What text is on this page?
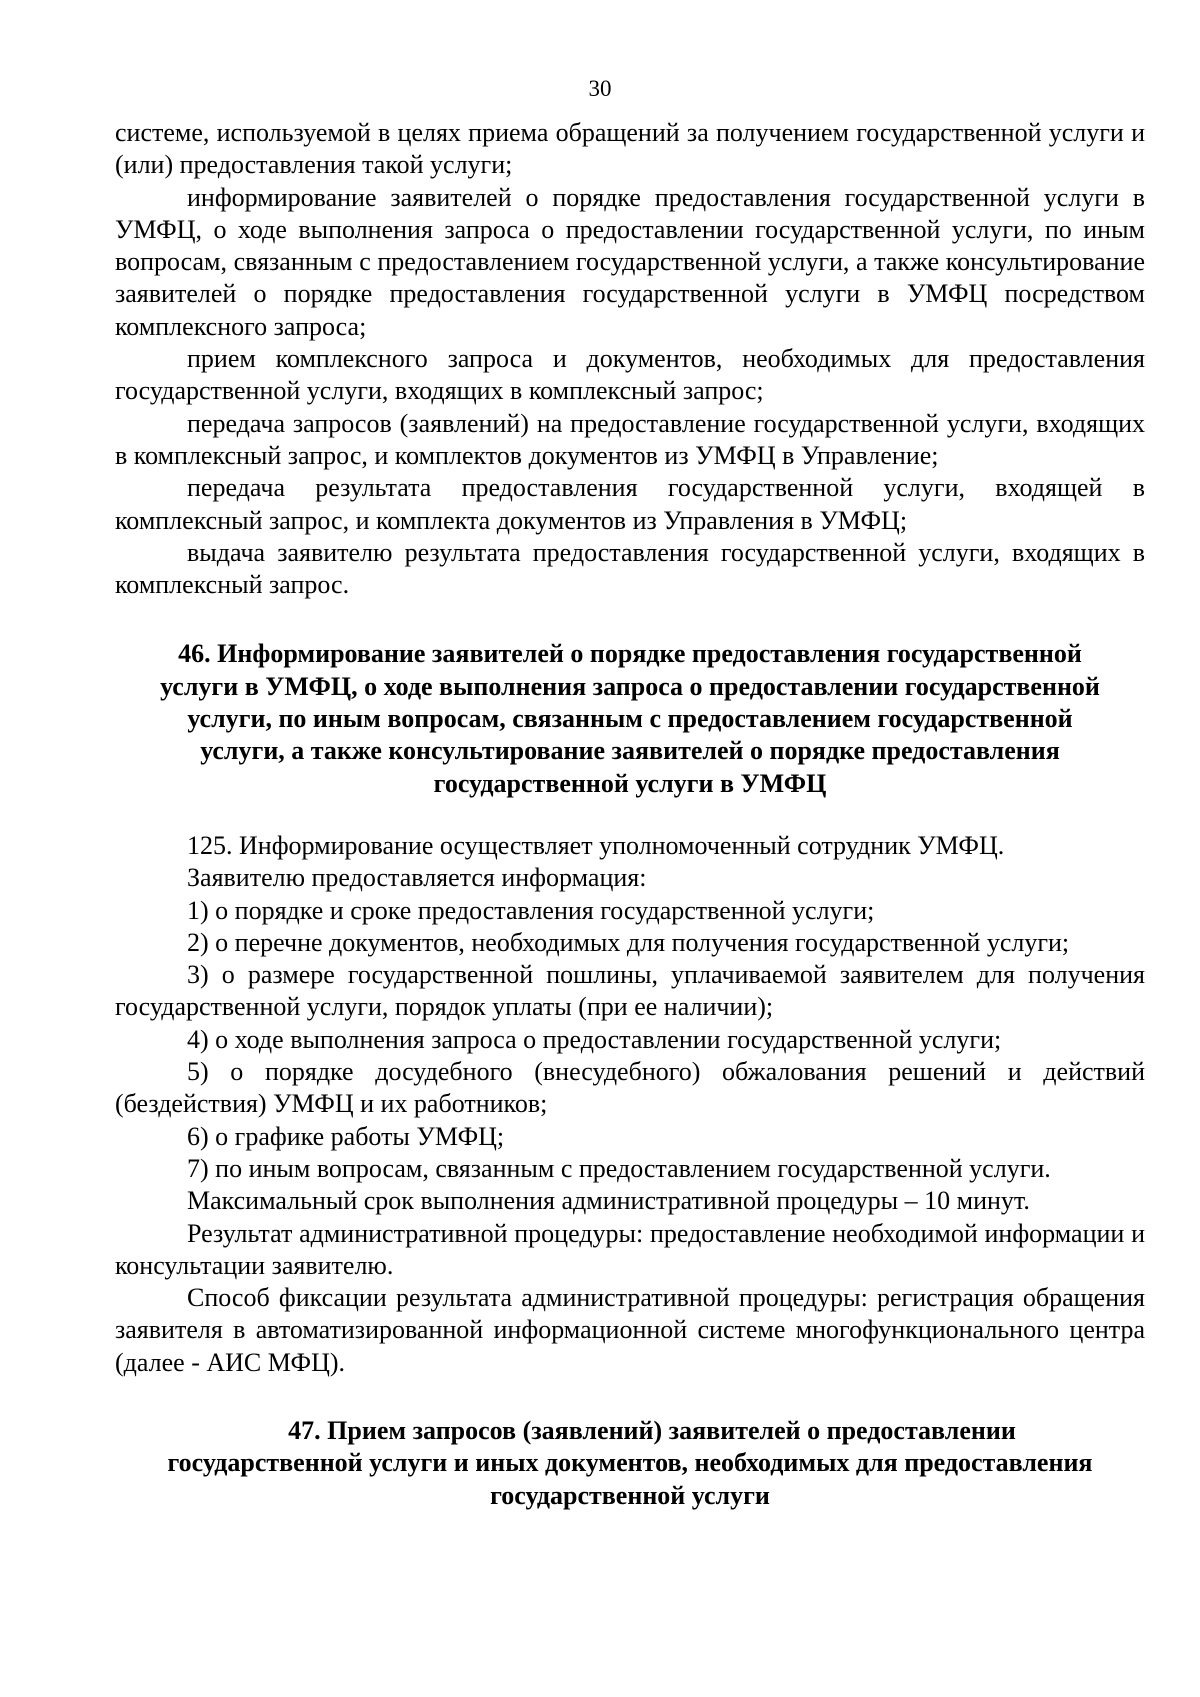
30

системе, используемой в целях приема обращений за получением государственной услуги и (или) предоставления такой услуги;

информирование заявителей о порядке предоставления государственной услуги в УМФЦ, о ходе выполнения запроса о предоставлении государственной услуги, по иным вопросам, связанным с предоставлением государственной услуги, а также консультирование заявителей о порядке предоставления государственной услуги в УМФЦ посредством комплексного запроса;

прием комплексного запроса и документов, необходимых для предоставления государственной услуги, входящих в комплексный запрос;

передача запросов (заявлений) на предоставление государственной услуги, входящих в комплексный запрос, и комплектов документов из УМФЦ в Управление;

передача результата предоставления государственной услуги, входящей в комплексный запрос, и комплекта документов из Управления в УМФЦ;

выдача заявителю результата предоставления государственной услуги, входящих в комплексный запрос.

46. Информирование заявителей о порядке предоставления государственной
услуги в УМФЦ, о ходе выполнения запроса о предоставлении государственной
услуги, по иным вопросам, связанным с предоставлением государственной
услуги, а также консультирование заявителей о порядке предоставления
государственной услуги в УМФЦ

125. Информирование осуществляет уполномоченный сотрудник УМФЦ.

Заявителю предоставляется информация:

1) о порядке и сроке предоставления государственной услуги;

2) о перечне документов, необходимых для получения государственной услуги;

3) о размере государственной пошлины, уплачиваемой заявителем для получения государственной услуги, порядок уплаты (при ее наличии);

4) о ходе выполнения запроса о предоставлении государственной услуги;

5) о порядке досудебного (внесудебного) обжалования решений и действий (бездействия) УМФЦ и их работников;

6) о графике работы УМФЦ;

7) по иным вопросам, связанным с предоставлением государственной услуги.

Максимальный срок выполнения административной процедуры – 10 минут.

Результат административной процедуры: предоставление необходимой информации и консультации заявителю.

Способ фиксации результата административной процедуры: регистрация обращения заявителя в автоматизированной информационной системе многофункционального центра (далее - АИС МФЦ).

47. Прием запросов (заявлений) заявителей о предоставлении
государственной услуги и иных документов, необходимых для предоставления
государственной услуги
